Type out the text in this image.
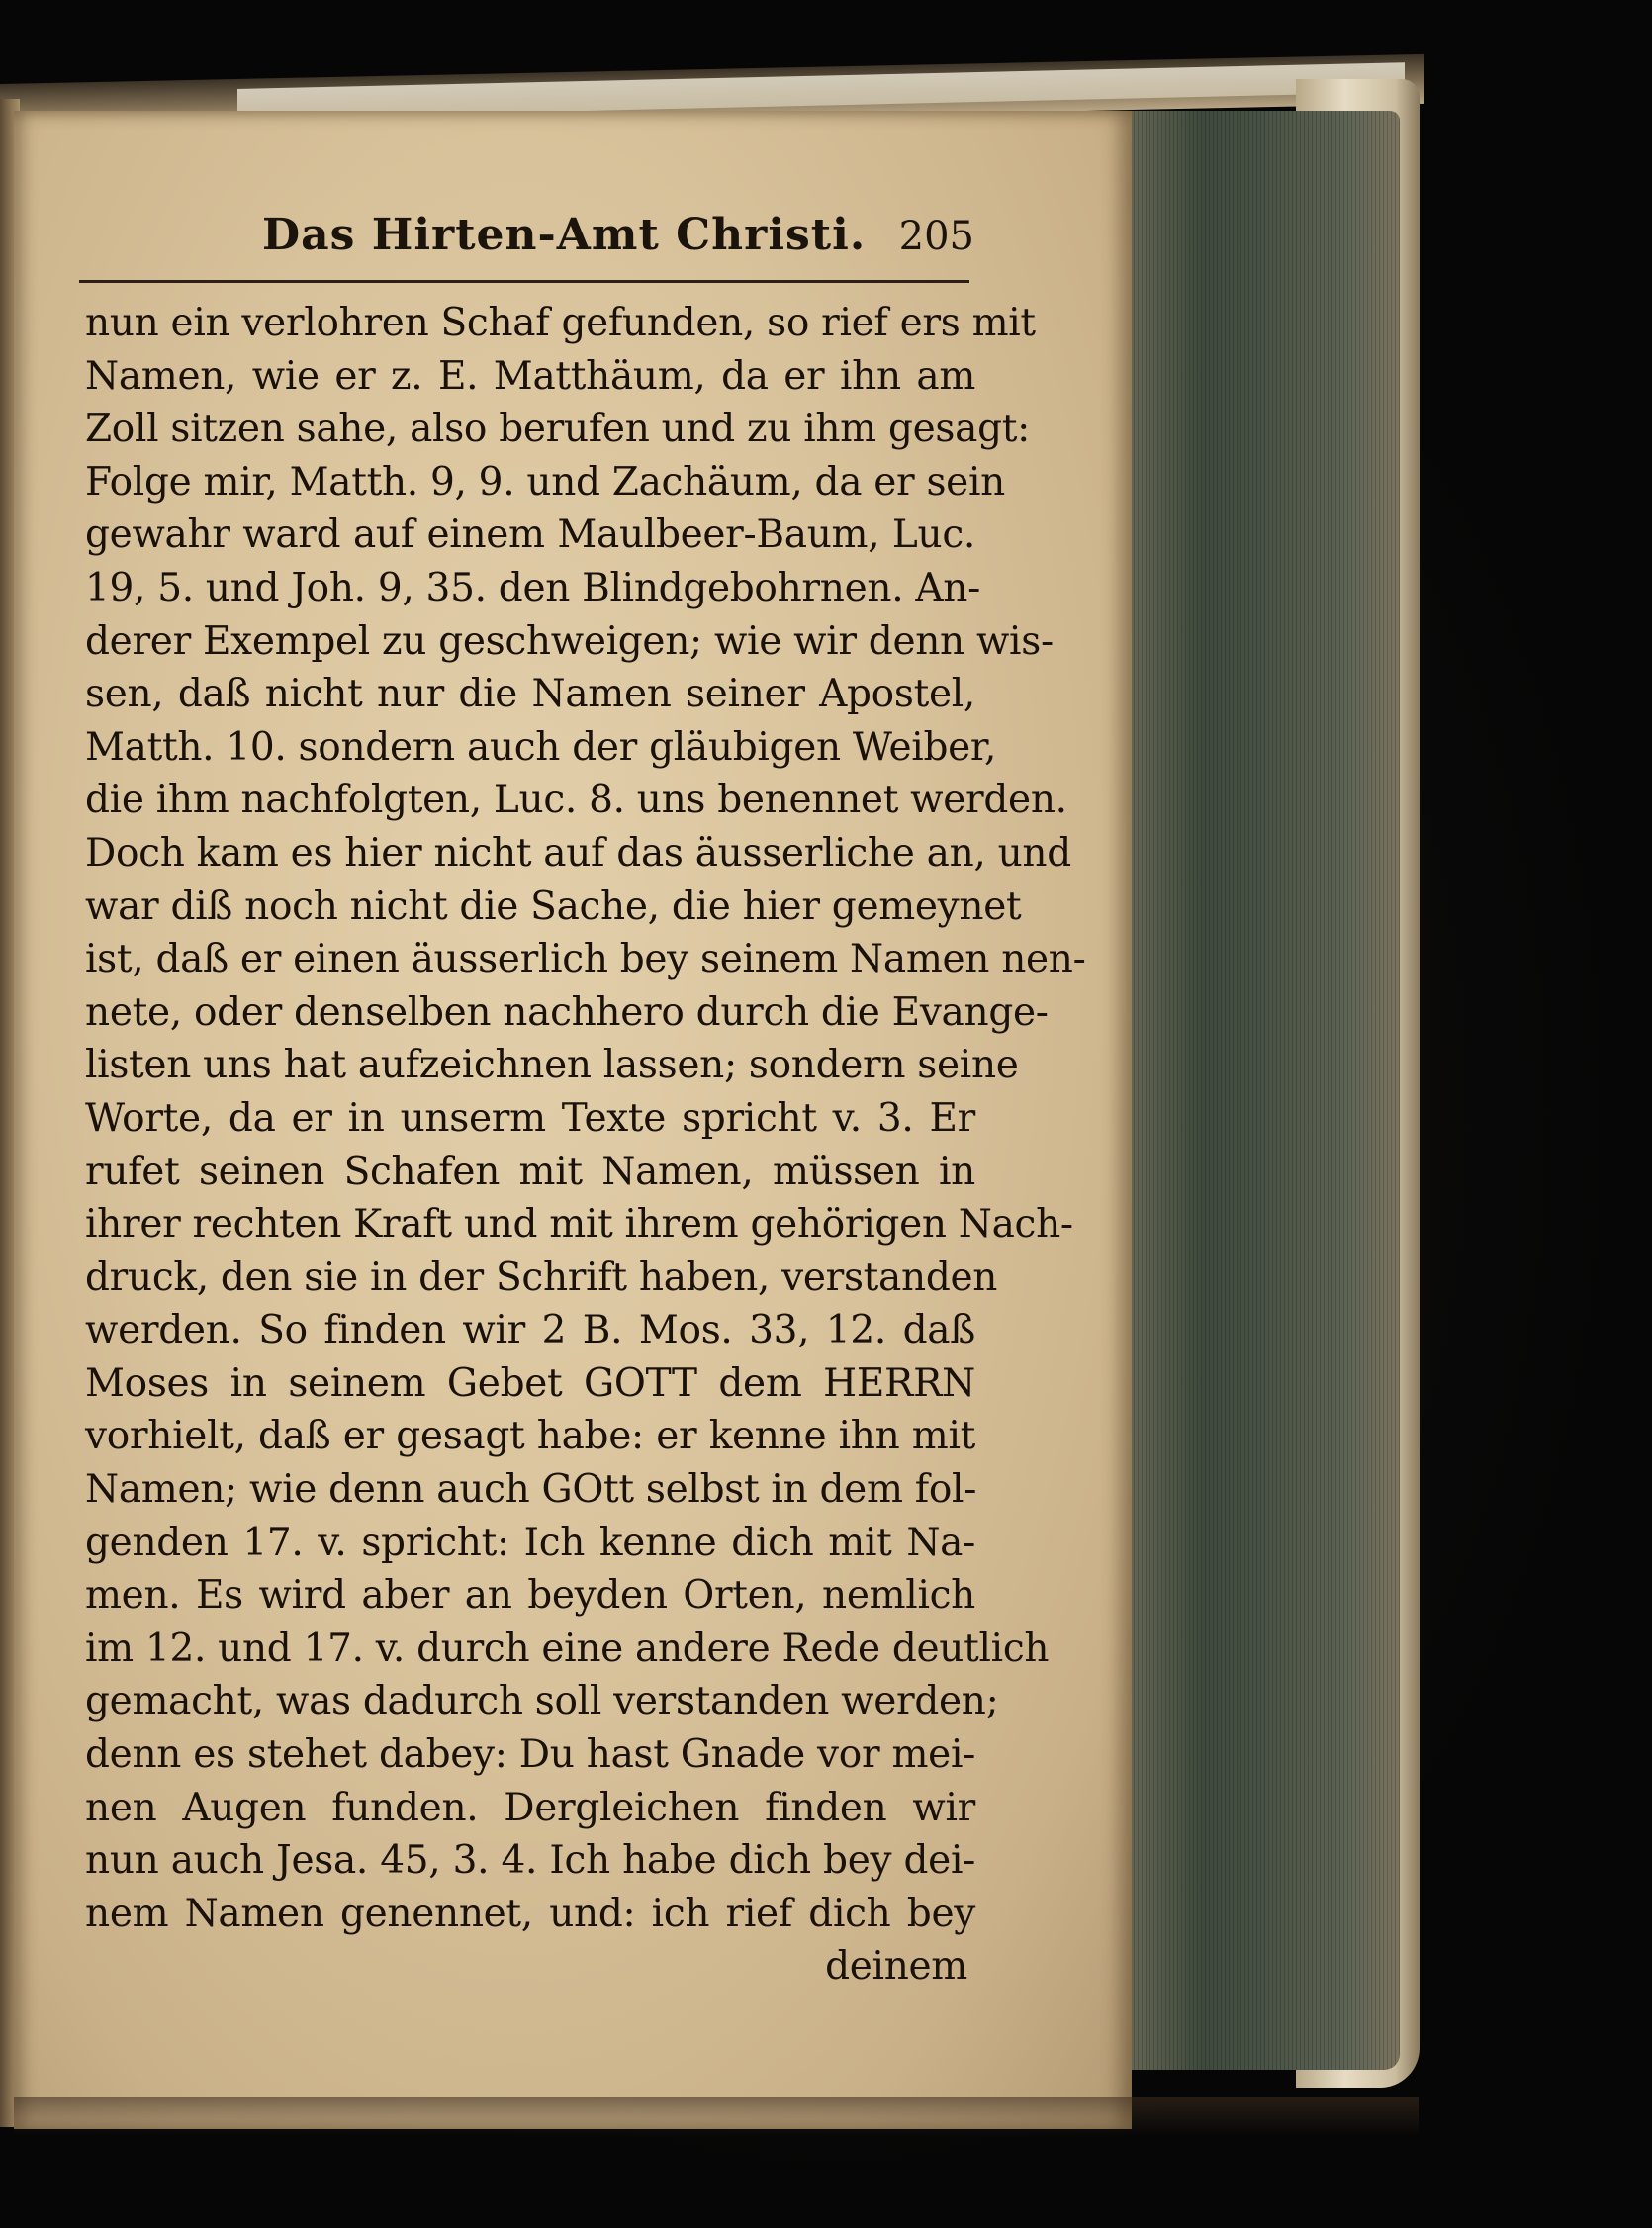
Das Hirten-Amt Christi. 205
nun ein verlohren Schaf gefunden, so rief ers mit
Namen, wie er z. E. Matthäum, da er ihn am
Zoll sitzen sahe, also berufen und zu ihm gesagt:
Folge mir, Matth. 9, 9. und Zachäum, da er sein
gewahr ward auf einem Maulbeer-Baum, Luc.
19, 5. und Joh. 9, 35. den Blindgebohrnen. An-
derer Exempel zu geschweigen; wie wir denn wis-
sen, daß nicht nur die Namen seiner Apostel,
Matth. 10. sondern auch der gläubigen Weiber,
die ihm nachfolgten, Luc. 8. uns benennet werden.
Doch kam es hier nicht auf das äusserliche an, und
war diß noch nicht die Sache, die hier gemeynet
ist, daß er einen äusserlich bey seinem Namen nen-
nete, oder denselben nachhero durch die Evange-
listen uns hat aufzeichnen lassen; sondern seine
Worte, da er in unserm Texte spricht v. 3. Er
rufet seinen Schafen mit Namen, müssen in
ihrer rechten Kraft und mit ihrem gehörigen Nach-
druck, den sie in der Schrift haben, verstanden
werden. So finden wir 2 B. Mos. 33, 12. daß
Moses in seinem Gebet GOTT dem HERRN
vorhielt, daß er gesagt habe: er kenne ihn mit
Namen; wie denn auch GOtt selbst in dem fol-
genden 17. v. spricht: Ich kenne dich mit Na-
men. Es wird aber an beyden Orten, nemlich
im 12. und 17. v. durch eine andere Rede deutlich
gemacht, was dadurch soll verstanden werden;
denn es stehet dabey: Du hast Gnade vor mei-
nen Augen funden. Dergleichen finden wir
nun auch Jesa. 45, 3. 4. Ich habe dich bey dei-
nem Namen genennet, und: ich rief dich bey
deinem
